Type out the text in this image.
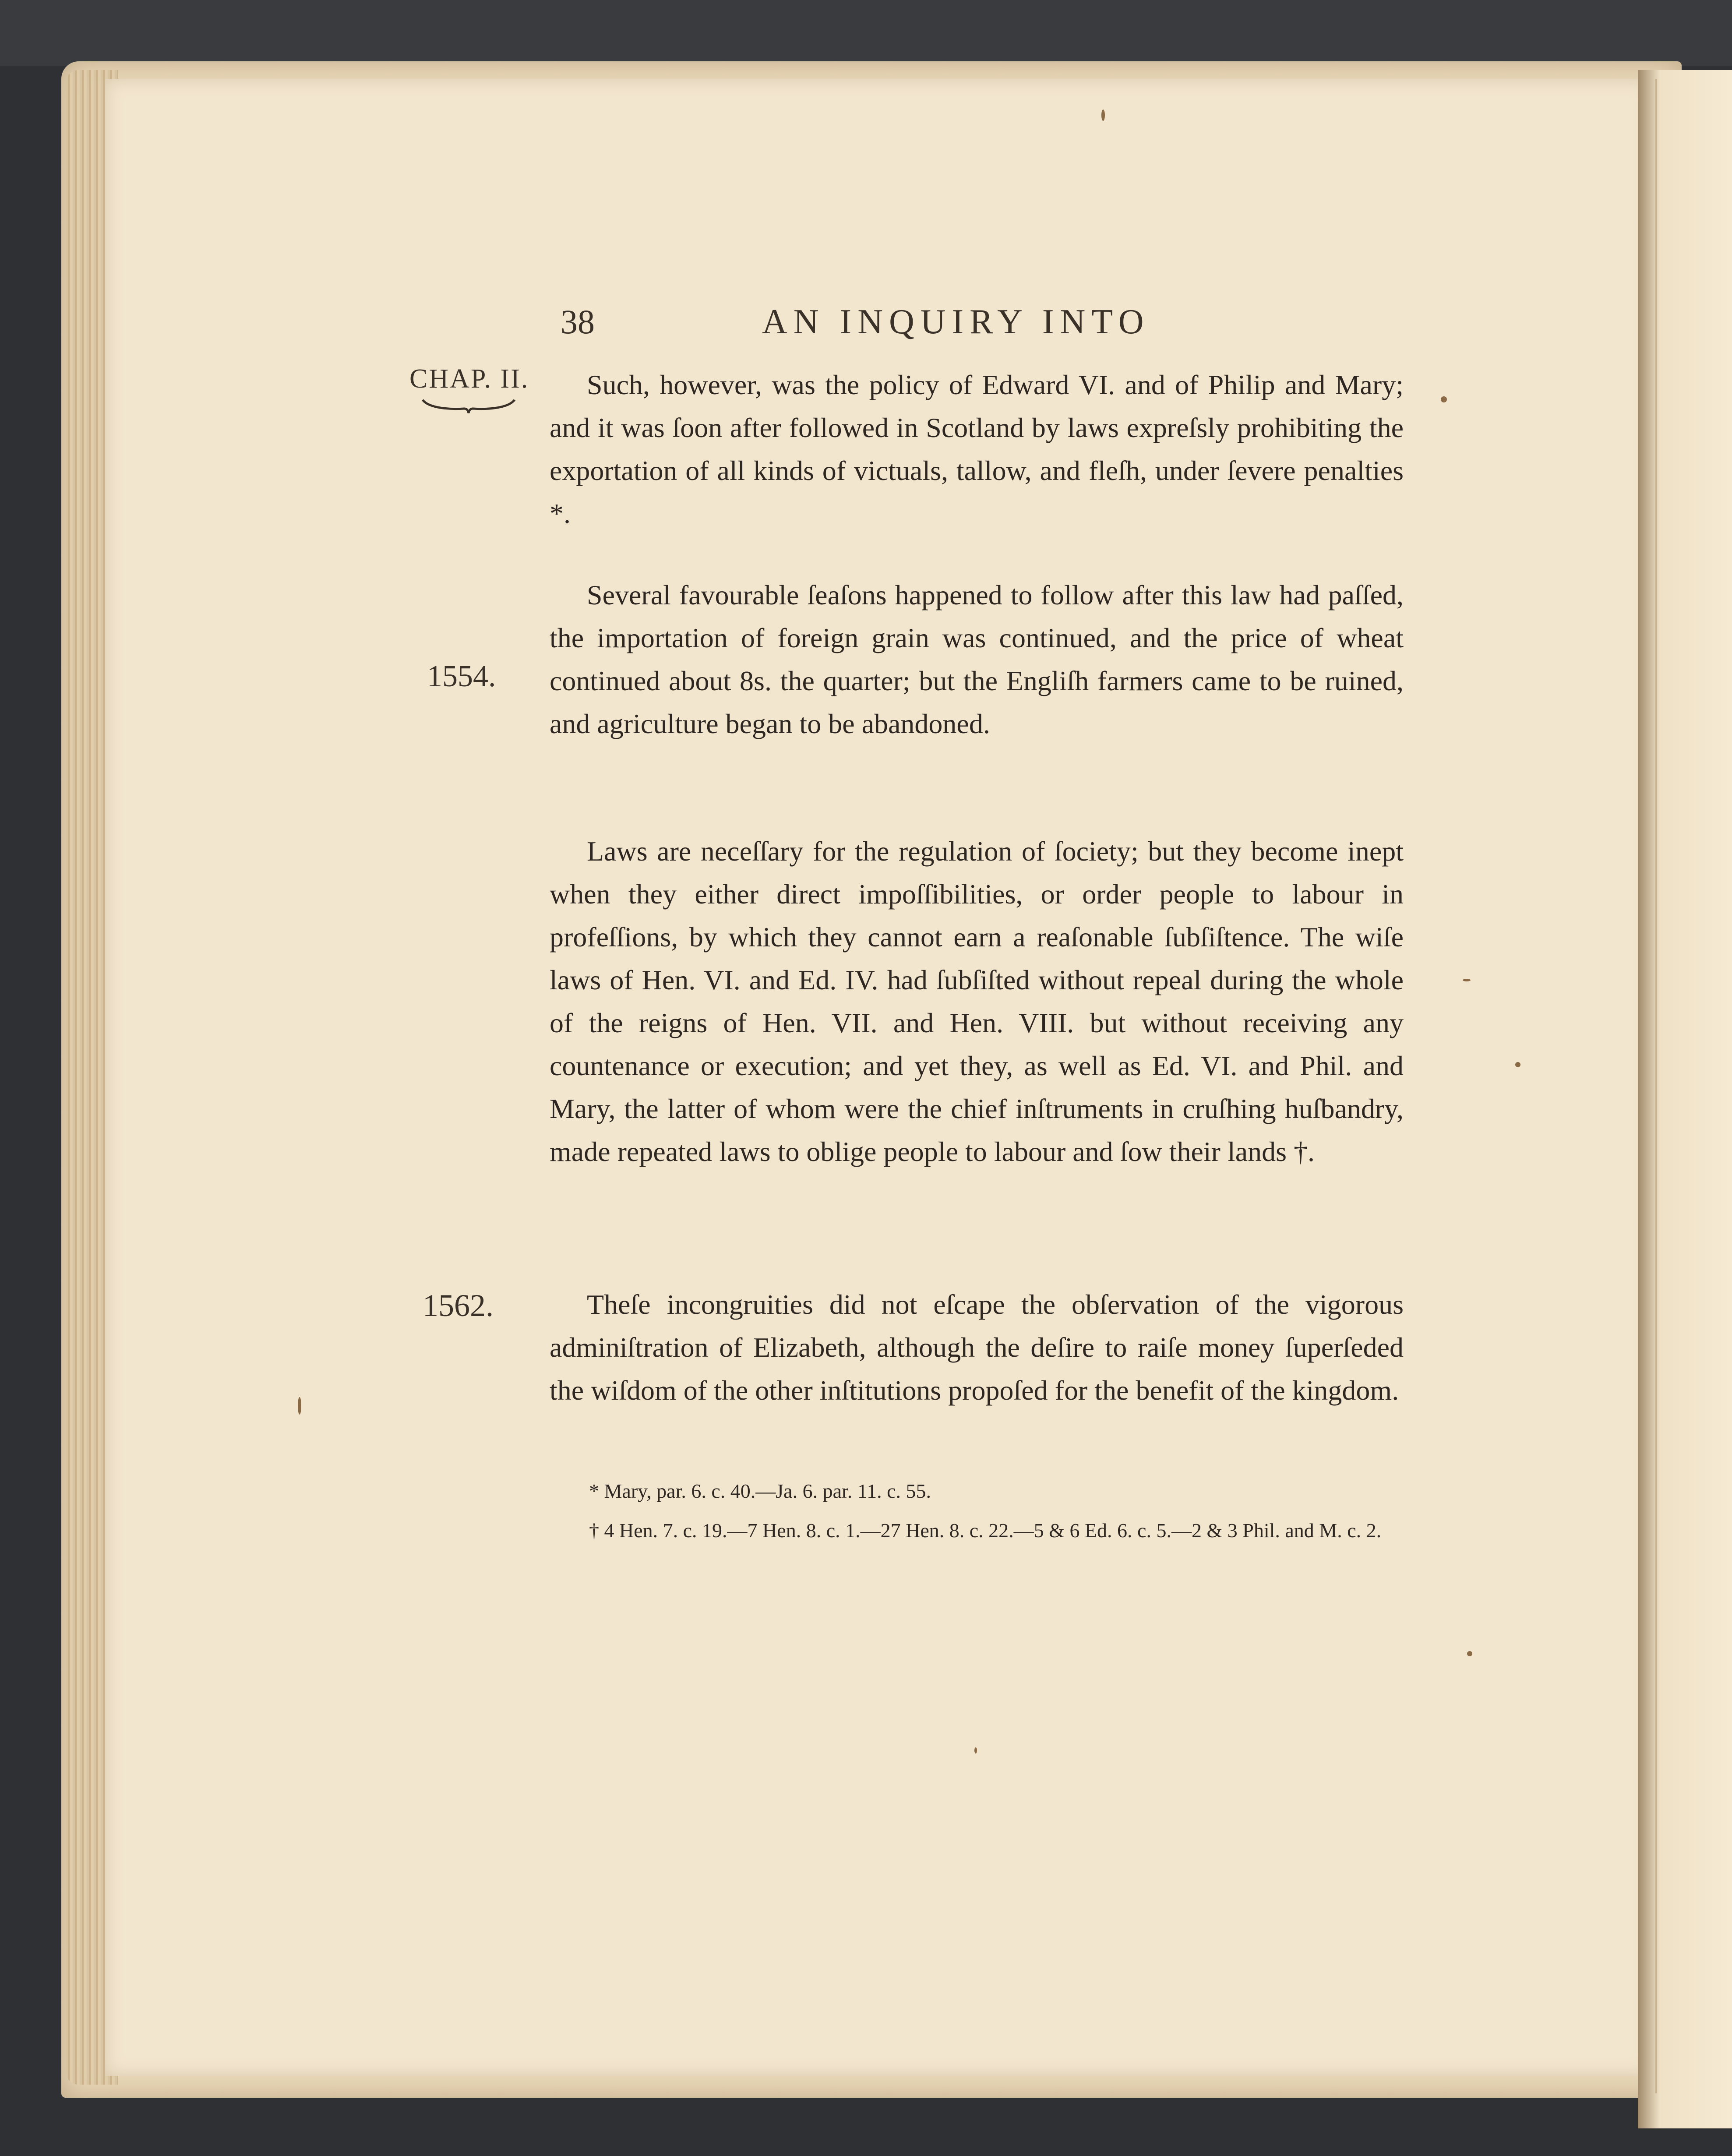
38	AN INQUIRY INTO
CHAP. II.
1554.
1562.

Such, however, was the policy of Edward VI. and of Philip and Mary; and it was ſoon after followed in Scotland by laws expreſsly prohibiting the exportation of all kinds of victuals, tallow, and fleſh, under ſevere penalties *.

Several favourable ſeaſons happened to follow after this law had paſſed, the importation of foreign grain was continued, and the price of wheat continued about 8s. the quarter; but the Engliſh farmers came to be ruined, and agriculture began to be abandoned.

Laws are neceſſary for the regulation of ſociety; but they become inept when they either direct impoſſibilities, or order people to labour in profeſſions, by which they cannot earn a reaſonable ſubſiſtence. The wiſe laws of Hen. VI. and Ed. IV. had ſubſiſted without repeal during the whole of the reigns of Hen. VII. and Hen. VIII. but without receiving any countenance or execution; and yet they, as well as Ed. VI. and Phil. and Mary, the latter of whom were the chief inſtruments in cruſhing huſbandry, made repeated laws to oblige people to labour and ſow their lands †.

Theſe incongruities did not eſcape the obſervation of the vigorous adminiſtration of Elizabeth, although the deſire to raiſe money ſuperſeded the wiſdom of the other inſtitutions propoſed for the benefit of the kingdom.

* Mary, par. 6. c. 40.—Ja. 6. par. 11. c. 55.

† 4 Hen. 7. c. 19.—7 Hen. 8. c. 1.—27 Hen. 8. c. 22.—5 & 6 Ed. 6. c. 5.—2 & 3 Phil. and M. c. 2.
